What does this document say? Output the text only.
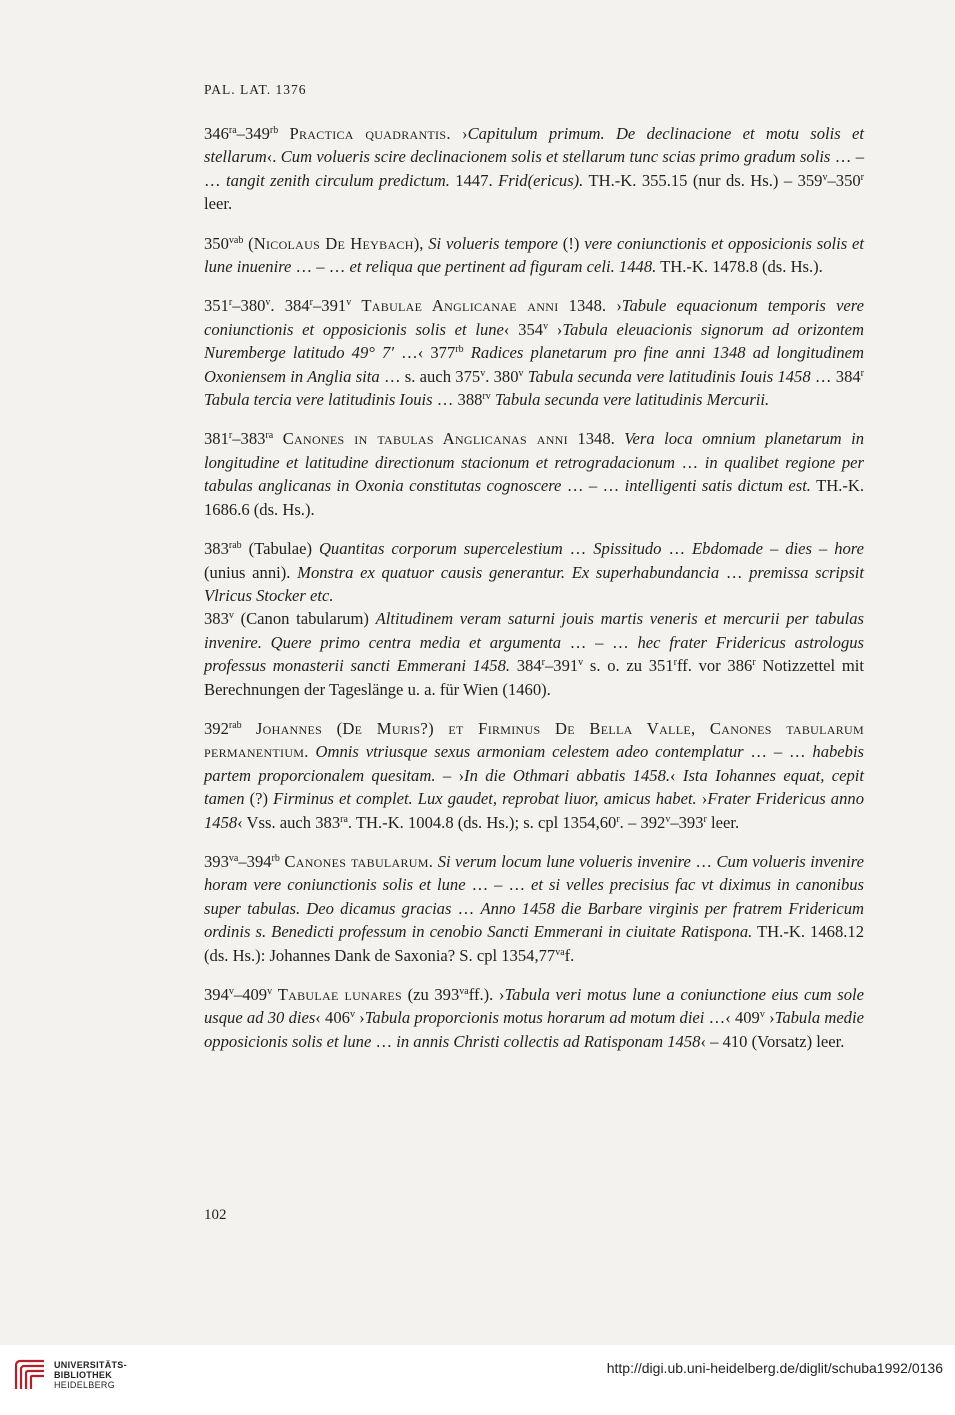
PAL. LAT. 1376

$346^{ra}-349^{rb}$ Practica quadrantis. ›Capitulum primum. De declinacione et motu solis et stellarum‹. Cum volueris scire declinacionem solis et stellarum tunc scias primo gradum solis … – … tangit zenith circulum predictum. 1447. Frid(ericus). TH.-K. 355.15 (nur ds. Hs.) – 359$^v$–350$^r$ leer.

$350^{vab}$ (Nicolaus De Heybach), Si volueris tempore (!) vere coniunctionis et opposicionis solis et lune inuenire … – … et reliqua que pertinent ad figuram celi. 1448. TH.-K. 1478.8 (ds. Hs.).

351$^r$–380$^v$. 384$^r$–391$^v$ Tabulae Anglicanae anni 1348. ›Tabule equacionum temporis vere coniunctionis et opposicionis solis et lune‹ 354$^v$ ›Tabula eleuacionis signorum ad orizontem Nuremberge latitudo 49° 7′ …‹ $377^{rb}$ Radices planetarum pro fine anni 1348 ad longitudinem Oxoniensem in Anglia sita … s. auch 375$^v$. 380$^v$ Tabula secunda vere latitudinis Iouis 1458 … 384$^r$ Tabula tercia vere latitudinis Iouis … $388^{rv}$ Tabula secunda vere latitudinis Mercurii.

$381^r-383^{ra}$ Canones in tabulas Anglicanas anni 1348. Vera loca omnium planetarum in longitudine et latitudine directionum stacionum et retrogradacionum … in qualibet regione per tabulas anglicanas in Oxonia constitutas cognoscere … – … intelligenti satis dictum est. TH.-K. 1686.6 (ds. Hs.).

$383^{rab}$ (Tabulae) Quantitas corporum supercelestium … Spissitudo … Ebdomade – dies – hore (unius anni). Monstra ex quatuor causis generantur. Ex superhabundancia … premissa scripsit Vlricus Stocker etc.

383$^v$ (Canon tabularum) Altitudinem veram saturni jouis martis veneris et mercurii per tabulas invenire. Quere primo centra media et argumenta … – … hec frater Fridericus astrologus professus monasterii sancti Emmerani 1458. 384$^r$–391$^v$ s. o. zu 351$^r$ff. vor 386$^r$ Notizzettel mit Berechnungen der Tageslänge u. a. für Wien (1460).

$392^{rab}$ Johannes (De Muris?) et Firminus De Bella Valle, Canones tabularum permanentium. Omnis vtriusque sexus armoniam celestem adeo contemplatur … – … habebis partem proporcionalem quesitam. – ›In die Othmari abbatis 1458.‹ Ista Iohannes equat, cepit tamen (?) Firminus et complet. Lux gaudet, reprobat liuor, amicus habet. ›Frater Fridericus anno 1458‹ Vss. auch $383^{ra}$. TH.-K. 1004.8 (ds. Hs.); s. cpl 1354,60$^r$. – 392$^v$–393$^r$ leer.

$393^{va}-394^{rb}$ Canones tabularum. Si verum locum lune volueris invenire … Cum volueris invenire horam vere coniunctionis solis et lune … – … et si velles precisius fac vt diximus in canonibus super tabulas. Deo dicamus gracias … Anno 1458 die Barbare virginis per fratrem Fridericum ordinis s. Benedicti professum in cenobio Sancti Emmerani in ciuitate Ratispona. TH.-K. 1468.12 (ds. Hs.): Johannes Dank de Saxonia? S. cpl $1354,77^{va}f$.

394$^v$–409$^v$ Tabulae lunares (zu $393^{va}ff$.). ›Tabula veri motus lune a coniunctione eius cum sole usque ad 30 dies‹ 406$^v$ ›Tabula proporcionis motus horarum ad motum diei …‹ 409$^v$ ›Tabula medie opposicionis solis et lune … in annis Christi collectis ad Ratisponam 1458‹ – 410 (Vorsatz) leer.

102
UNIVERSITÄTS-
BIBLIOTHEK
HEIDELBERG
http://digi.ub.uni-heidelberg.de/diglit/schuba1992/0136
